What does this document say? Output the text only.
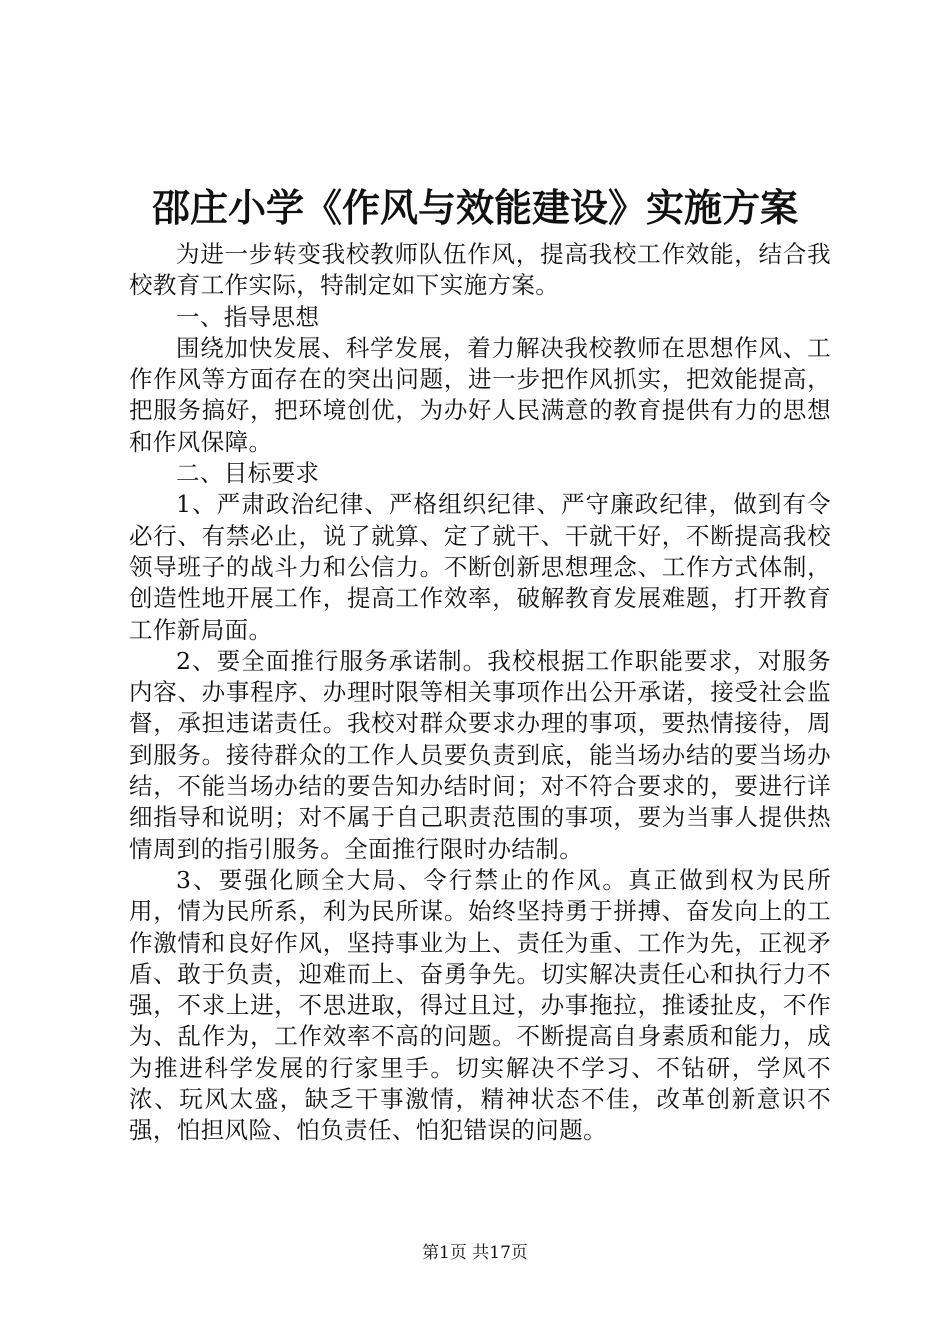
邵庄小学《作风与效能建设》实施方案

为进一步转变我校教师队伍作风，提高我校工作效能，结合我校教育工作实际，特制定如下实施方案。

一、指导思想

围绕加快发展、科学发展，着力解决我校教师在思想作风、工作作风等方面存在的突出问题，进一步把作风抓实，把效能提高，把服务搞好，把环境创优，为办好人民满意的教育提供有力的思想和作风保障。

二、目标要求

1、严肃政治纪律、严格组织纪律、严守廉政纪律，做到有令必行、有禁必止，说了就算、定了就干、干就干好，不断提高我校领导班子的战斗力和公信力。不断创新思想理念、工作方式体制，创造性地开展工作，提高工作效率，破解教育发展难题，打开教育工作新局面。

2、要全面推行服务承诺制。我校根据工作职能要求，对服务内容、办事程序、办理时限等相关事项作出公开承诺，接受社会监督，承担违诺责任。我校对群众要求办理的事项，要热情接待，周到服务。接待群众的工作人员要负责到底，能当场办结的要当场办结，不能当场办结的要告知办结时间；对不符合要求的，要进行详细指导和说明；对不属于自己职责范围的事项，要为当事人提供热情周到的指引服务。全面推行限时办结制。

3、要强化顾全大局、令行禁止的作风。真正做到权为民所用，情为民所系，利为民所谋。始终坚持勇于拼搏、奋发向上的工作激情和良好作风，坚持事业为上、责任为重、工作为先，正视矛盾、敢于负责，迎难而上、奋勇争先。切实解决责任心和执行力不强，不求上进，不思进取，得过且过，办事拖拉，推诿扯皮，不作为、乱作为，工作效率不高的问题。不断提高自身素质和能力，成为推进科学发展的行家里手。切实解决不学习、不钻研，学风不浓、玩风太盛，缺乏干事激情，精神状态不佳，改革创新意识不强，怕担风险、怕负责任、怕犯错误的问题。

第1页 共17页
